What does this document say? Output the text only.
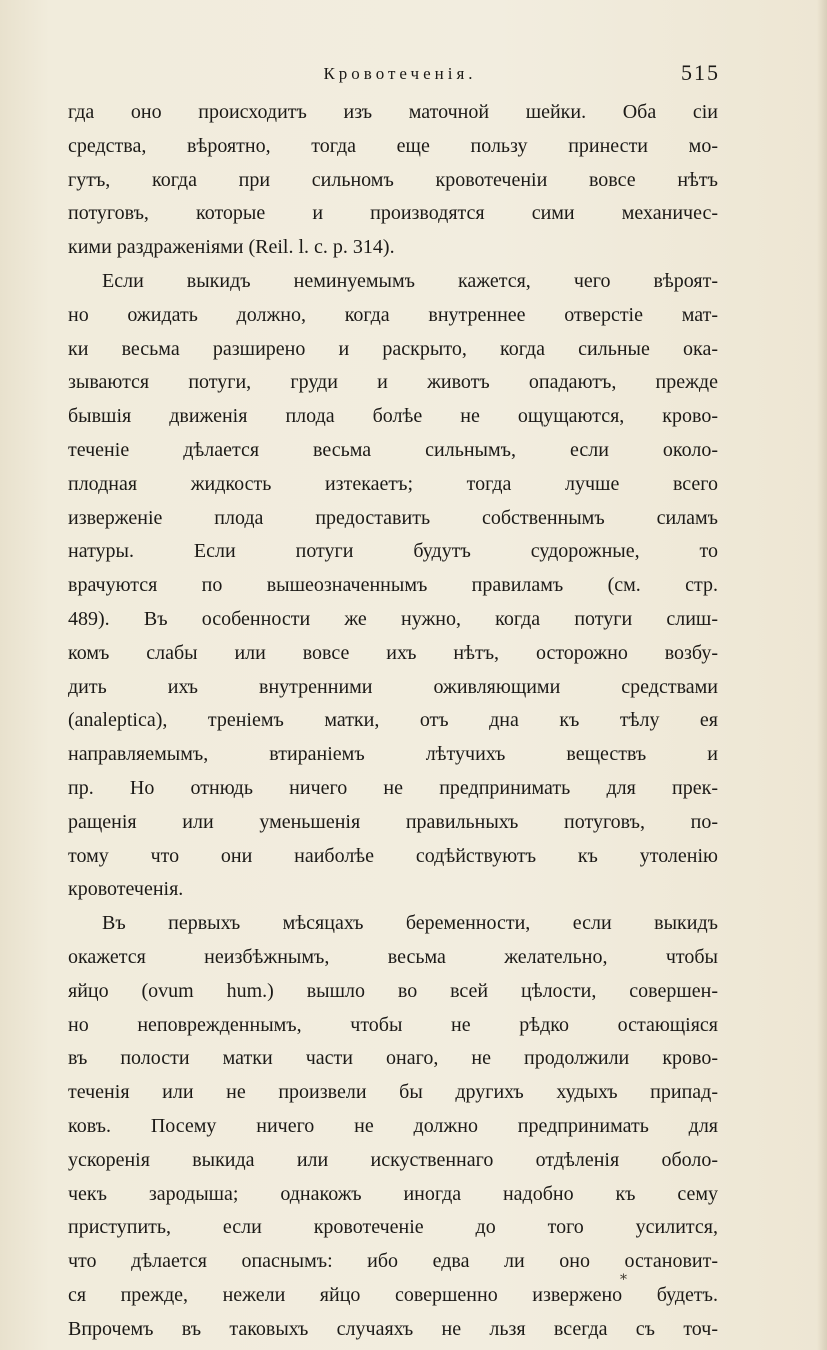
Кровотеченія.	515
гда оно происходитъ изъ маточной шейки. Оба сіи
средства, вѣроятно, тогда еще пользу принести мо-
гутъ, когда при сильномъ кровотеченіи вовсе нѣтъ
потуговъ, которые и производятся сими механичес-
кими раздраженіями (Reil. l. c. p. 314).
Если выкидъ неминуемымъ кажется, чего вѣроят-
но ожидать должно, когда внутреннее отверстіе мат-
ки весьма разширено и раскрыто, когда сильные ока-
зываются потуги, груди и животъ опадаютъ, прежде
бывшія движенія плода болѣе не ощущаются, крово-
теченіе дѣлается весьма сильнымъ, если около-
плодная жидкость изтекаетъ; тогда лучше всего
изверженіе плода предоставить собственнымъ силамъ
натуры. Если потуги будутъ судорожные, то
врачуются по вышеозначеннымъ правиламъ (см. стр.
489). Въ особенности же нужно, когда потуги слиш-
комъ слабы или вовсе ихъ нѣтъ, осторожно возбу-
дить ихъ внутренними оживляющими средствами
(analeptica), треніемъ матки, отъ дна къ тѣлу ея
направляемымъ, втираніемъ лѣтучихъ веществъ и
пр. Но отнюдь ничего не предпринимать для прек-
ращенія или уменьшенія правильныхъ потуговъ, по-
тому что они наиболѣе содѣйствуютъ къ утоленію
кровотеченія.
Въ первыхъ мѣсяцахъ беременности, если выкидъ
окажется неизбѣжнымъ, весьма желательно, чтобы
яйцо (ovum hum.) вышло во всей цѣлости, совершен-
но неповрежденнымъ, чтобы не рѣдко остающіяся
въ полости матки части онаго, не продолжили крово-
теченія или не произвели бы другихъ худыхъ припад-
ковъ. Посему ничего не должно предпринимать для
ускоренія выкида или искуственнаго отдѣленія оболо-
чекъ зародыша; однакожъ иногда надобно къ сему
приступить, если кровотеченіе до того усилится,
что дѣлается опаснымъ: ибо едва ли оно остановит-
ся прежде, нежели яйцо совершенно извержено будетъ.
Впрочемъ въ таковыхъ случаяхъ не льзя всегда съ точ-
*
